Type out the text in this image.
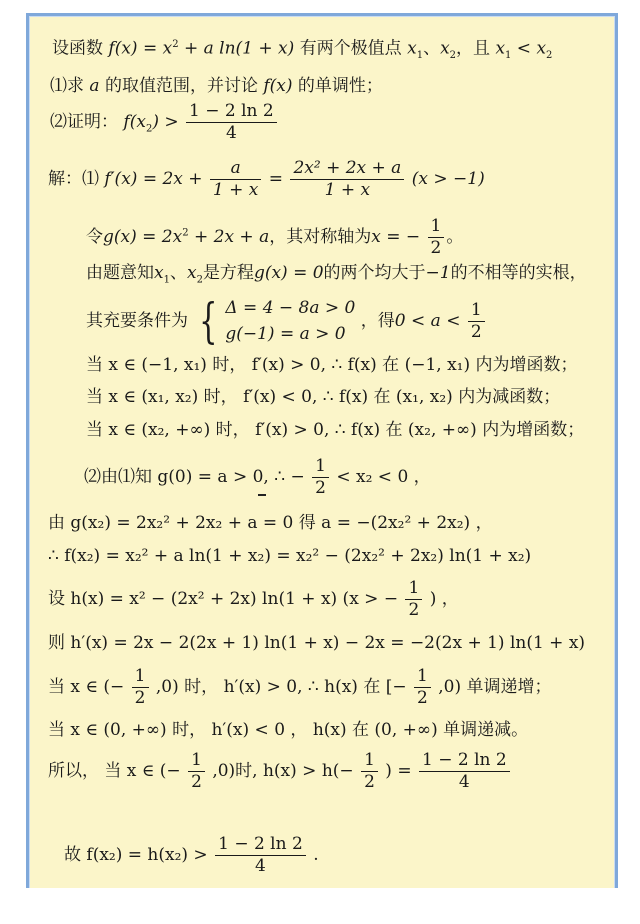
设函数 $f(x) = x^2 + a$ ln(1 + x) 有两个极值点 $x_1$、$x_2$，且 $x_1 < x_2$
⑴求 a 的取值范围，并讨论 f(x) 的单调性；
⑵证明： $f(x_2) > \frac{1 - 2 \ln 2}{4}$
解：⑴ $f'(x) = 2x + \frac{a}{1 + x} = \frac{\text{2x² + 2x + a}}{1 + x} (x > -1)$
令$g(x) = 2x^2 + 2x + a$，其对称轴为x = − $\frac{1}{2}$ 。
由题意知$x_1$、$x_2$是方程g(x) = 0的两个均大于−1的不相等的实根，
其充要条件为 { Δ = 4 − 8a > 0
g(−1) = a > 0
，得$0 < a < \frac{1}{2}$
当 x ∈ (−1, x₁) 时， f′(x) > 0, ∴ f(x) 在 (−1, x₁) 内为增函数；
当 x ∈ (x₁, x₂) 时， f′(x) < 0, ∴ f(x) 在 (x₁, x₂) 内为减函数；
当 x ∈ (x₂, +∞) 时， f′(x) > 0, ∴ f(x) 在 (x₂, +∞) 内为增函数；
⑵由⑴知 g(0) = a > 0, ∴ − $\frac{1}{2} < x_2 < 0$ ，
由 g(x₂) = 2x₂² + 2x₂ + a = 0 得 a = −(2x₂² + 2x₂) ，
∴ f(x₂) = x₂² + a ln(1 + x₂) = x₂² − (2x₂² + 2x₂) ln(1 + x₂)
设 h(x) = x² − (2x² + 2x) ln(1 + x) (x > − $\frac{1}{2}$ ) ，
则 h′(x) = 2x − 2(2x + 1) ln(1 + x) − 2x = −2(2x + 1) ln(1 + x)
当 x ∈ (− $\frac{1}{2} ,0$) 时， h′(x) > 0, ∴ h(x) 在 [− $\frac{1}{2} ,0$) 单调递增；
当 x ∈ (0, +∞) 时， h′(x) < 0 ， h(x) 在 (0, +∞) 单调递减。
所以， 当 x ∈ (− $\frac{1}{2} ,0$)时, $h(x) > h(- \frac{1}{2}$ ) = $\frac{1 - 2 \ln 2}{4}$
故 $f(x_2) = h(x_2) > \frac{1 - 2 \ln 2}{4}$ .
